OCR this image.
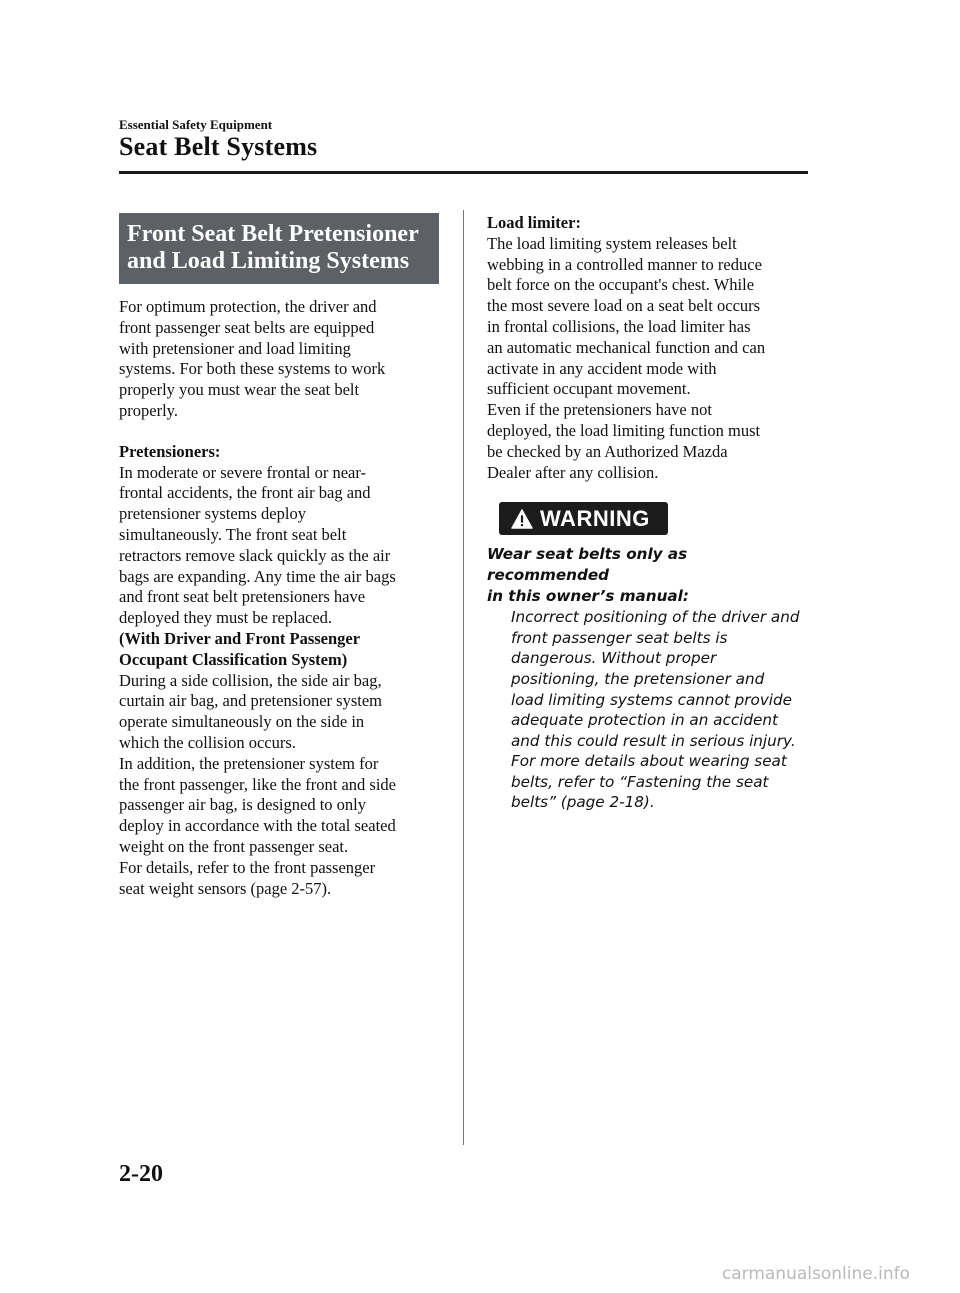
Essential Safety Equipment
Seat Belt Systems
Front Seat Belt Pretensioner
and Load Limiting Systems

For optimum protection, the driver and
front passenger seat belts are equipped
with pretensioner and load limiting
systems. For both these systems to work
properly you must wear the seat belt
properly.

Pretensioners:

In moderate or severe frontal or near-
frontal accidents, the front air bag and
pretensioner systems deploy
simultaneously. The front seat belt
retractors remove slack quickly as the air
bags are expanding. Any time the air bags
and front seat belt pretensioners have
deployed they must be replaced.

(With Driver and Front Passenger
Occupant Classification System)

During a side collision, the side air bag,
curtain air bag, and pretensioner system
operate simultaneously on the side in
which the collision occurs.
In addition, the pretensioner system for
the front passenger, like the front and side
passenger air bag, is designed to only
deploy in accordance with the total seated
weight on the front passenger seat.
For details, refer to the front passenger
seat weight sensors (page 2-57).

Load limiter:

The load limiting system releases belt
webbing in a controlled manner to reduce
belt force on the occupant's chest. While
the most severe load on a seat belt occurs
in frontal collisions, the load limiter has
an automatic mechanical function and can
activate in any accident mode with
sufficient occupant movement.
Even if the pretensioners have not
deployed, the load limiting function must
be checked by an Authorized Mazda
Dealer after any collision.

WARNING
Wear seat belts only as recommended
in this owner’s manual:
Incorrect positioning of the driver and
front passenger seat belts is
dangerous. Without proper
positioning, the pretensioner and
load limiting systems cannot provide
adequate protection in an accident
and this could result in serious injury.
For more details about wearing seat
belts, refer to “Fastening the seat
belts” (page 2-18).
2-20
carmanualsonline.info
